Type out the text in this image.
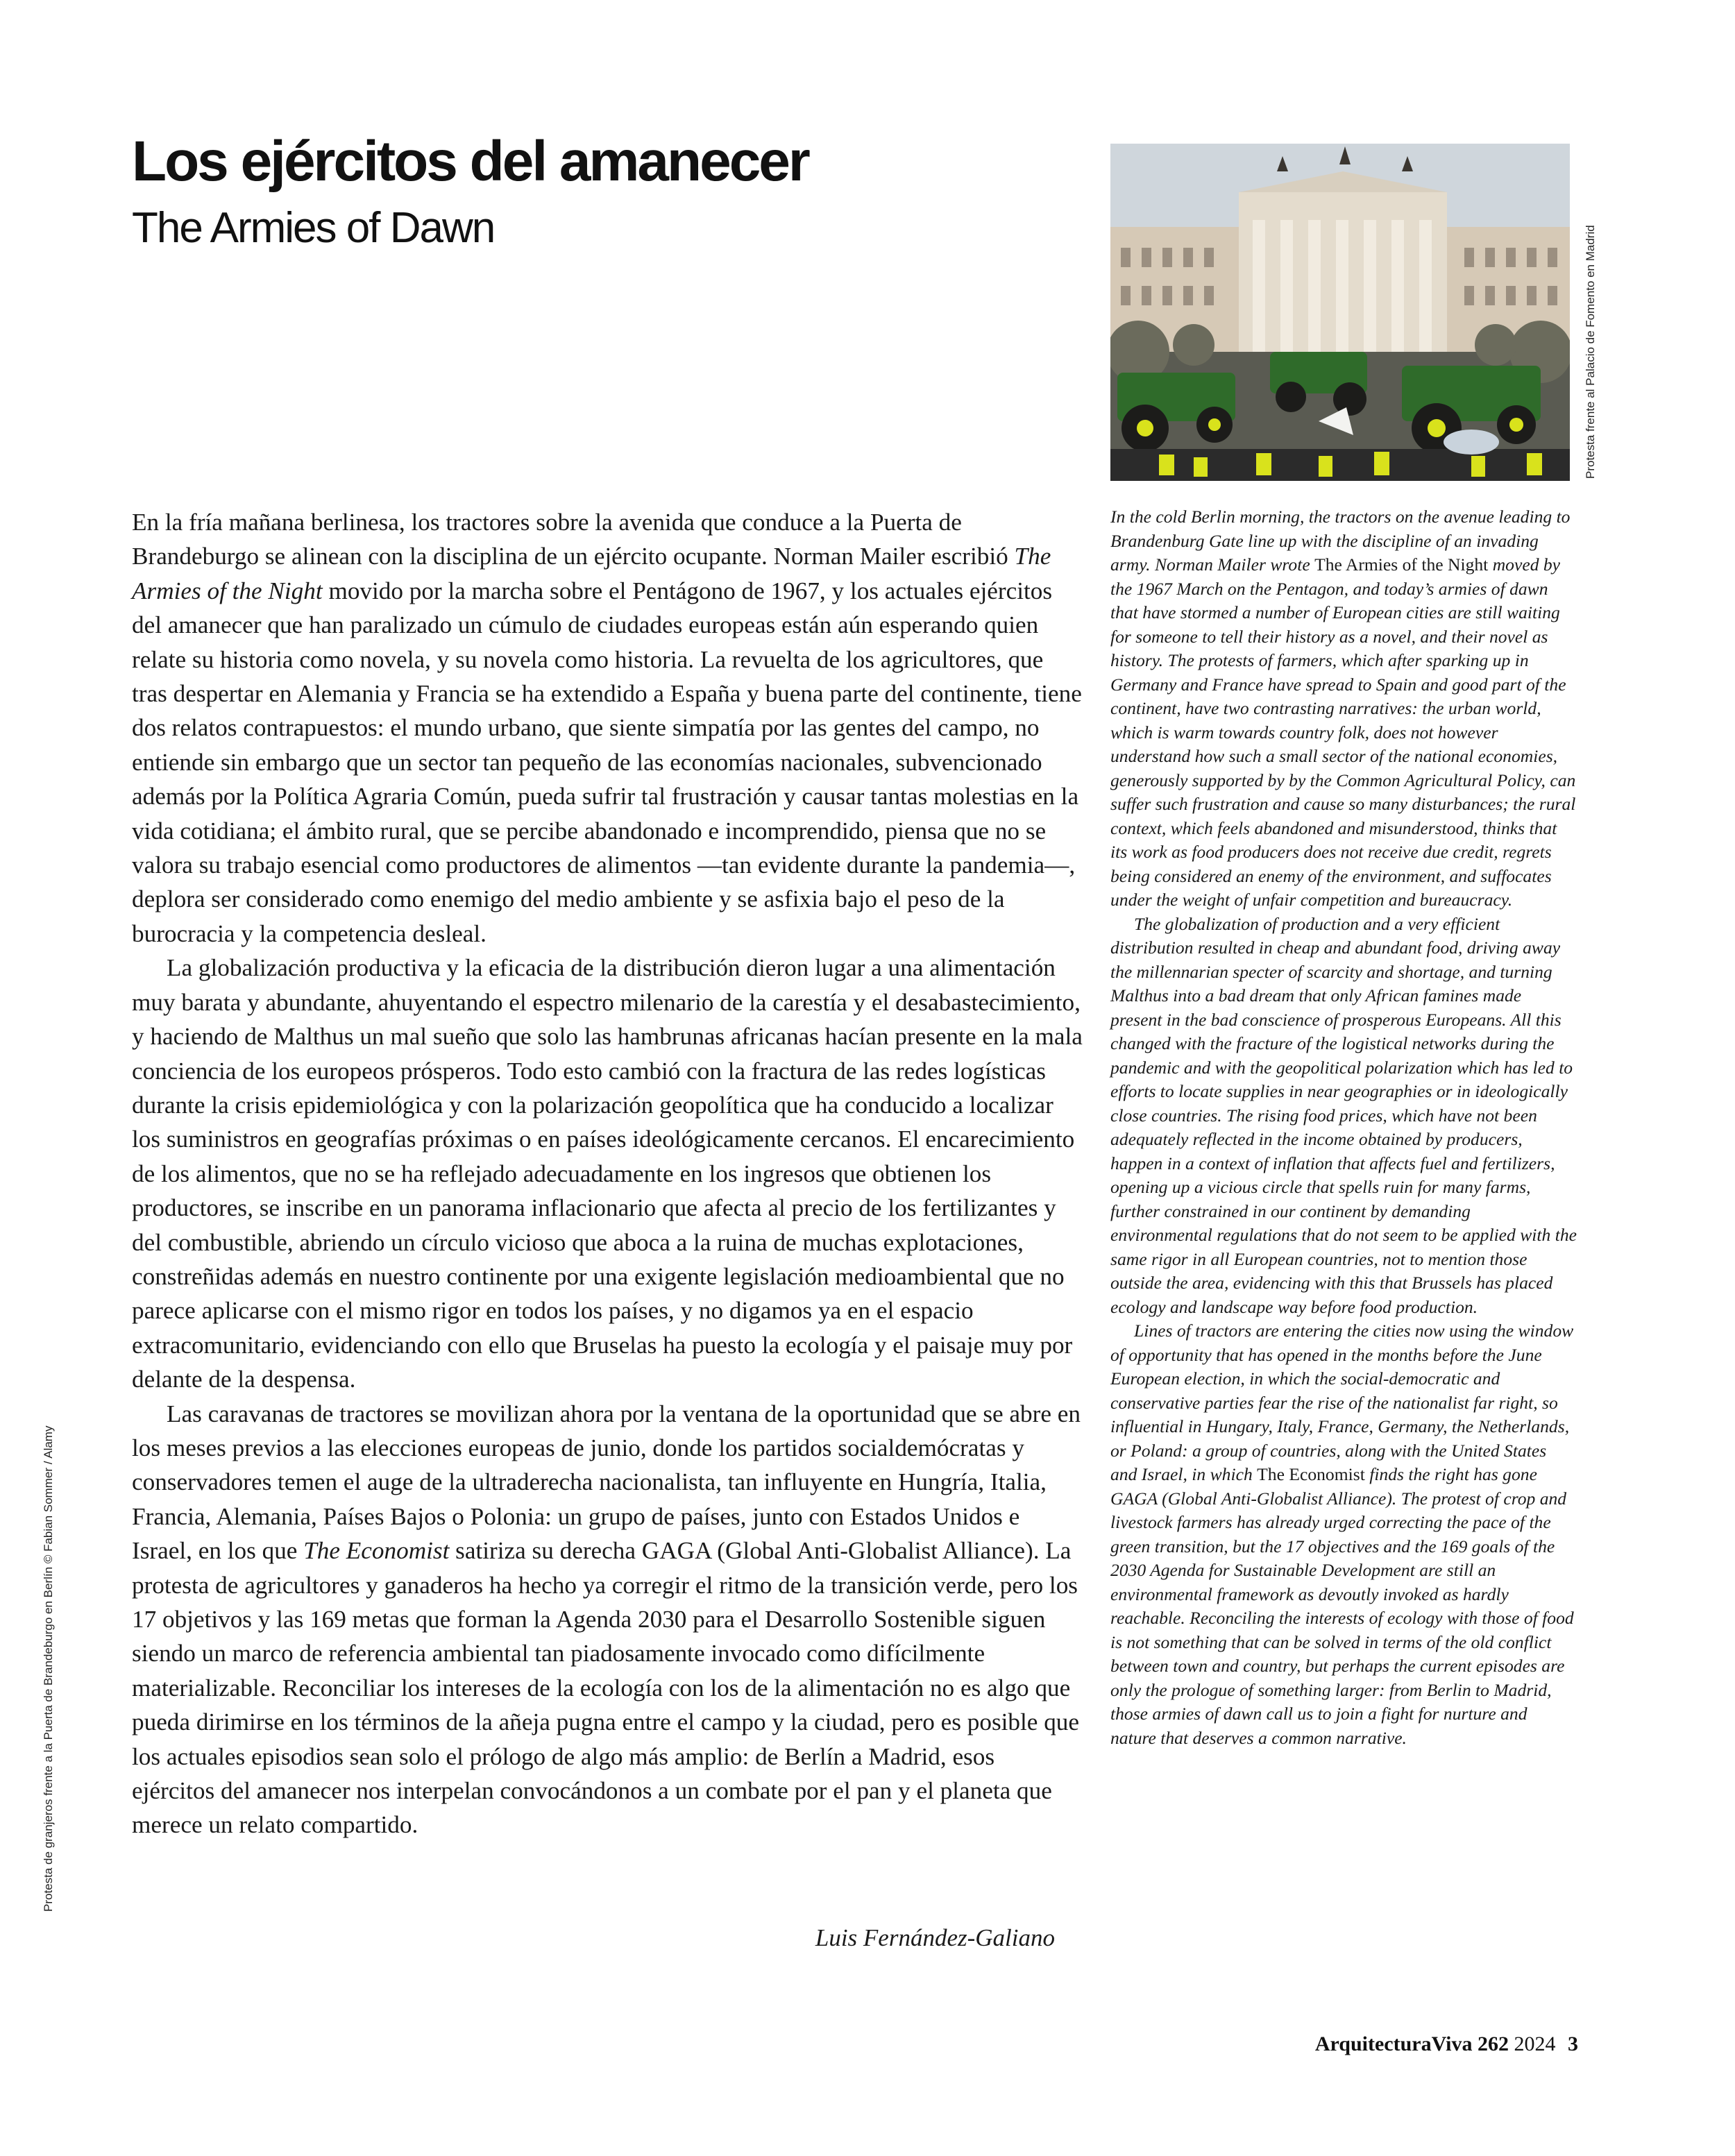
Los ejércitos del amanecer
The Armies of Dawn	Protesta frente al Palacio de Fomento en Madrid
Protesta de granjeros frente a la Puerta de Brandeburgo en Berlín © Fabian Sommer / Alamy

En la fría mañana berlinesa, los tractores sobre la avenida que conduce a la Puerta de Brandeburgo se alinean con la disciplina de un ejército ocupante. Norman Mailer escribió The Armies of the Night movido por la marcha sobre el Pentágono de 1967, y los actuales ejércitos del amanecer que han paralizado un cúmulo de ciudades europeas están aún esperando quien relate su historia como novela, y su novela como historia. La revuelta de los agricultores, que tras despertar en Alemania y Francia se ha extendido a España y buena parte del continente, tiene dos relatos contrapuestos: el mundo urbano, que siente simpatía por las gentes del campo, no entiende sin embargo que un sector tan pequeño de las economías nacionales, subvencionado además por la Política Agraria Común, pueda sufrir tal frustración y causar tantas molestias en la vida cotidiana; el ámbito rural, que se percibe abandonado e incomprendido, piensa que no se valora su trabajo esencial como productores de alimentos —tan evidente durante la pandemia—, deplora ser considerado como enemigo del medio ambiente y se asfixia bajo el peso de la burocracia y la competencia desleal.

La globalización productiva y la eficacia de la distribución dieron lugar a una alimentación muy barata y abundante, ahuyentando el espectro milenario de la carestía y el desabastecimiento, y haciendo de Malthus un mal sueño que solo las hambrunas africanas hacían presente en la mala conciencia de los europeos prósperos. Todo esto cambió con la fractura de las redes logísticas durante la crisis epidemiológica y con la polarización geopolítica que ha conducido a localizar los suministros en geografías próximas o en países ideológicamente cercanos. El encarecimiento de los alimentos, que no se ha reflejado adecuadamente en los ingresos que obtienen los productores, se inscribe en un panorama inflacionario que afecta al precio de los fertilizantes y del combustible, abriendo un círculo vicioso que aboca a la ruina de muchas explotaciones, constreñidas además en nuestro continente por una exigente legislación medioambiental que no parece aplicarse con el mismo rigor en todos los países, y no digamos ya en el espacio extracomunitario, evidenciando con ello que Bruselas ha puesto la ecología y el paisaje muy por delante de la despensa.

Las caravanas de tractores se movilizan ahora por la ventana de la oportunidad que se abre en los meses previos a las elecciones europeas de junio, donde los partidos socialdemócratas y conservadores temen el auge de la ultraderecha nacionalista, tan influyente en Hungría, Italia, Francia, Alemania, Países Bajos o Polonia: un grupo de países, junto con Estados Unidos e Israel, en los que The Economist satiriza su derecha GAGA (Global Anti-Globalist Alliance). La protesta de agricultores y ganaderos ha hecho ya corregir el ritmo de la transición verde, pero los 17 objetivos y las 169 metas que forman la Agenda 2030 para el Desarrollo Sostenible siguen siendo un marco de referencia ambiental tan piadosamente invocado como difícilmente materializable. Reconciliar los intereses de la ecología con los de la alimentación no es algo que pueda dirimirse en los términos de la añeja pugna entre el campo y la ciudad, pero es posible que los actuales episodios sean solo el prólogo de algo más amplio: de Berlín a Madrid, esos ejércitos del amanecer nos interpelan convocándonos a un combate por el pan y el planeta que merece un relato compartido.

Luis Fernández-Galiano

In the cold Berlin morning, the tractors on the avenue leading to Brandenburg Gate line up with the discipline of an invading army. Norman Mailer wrote The Armies of the Night moved by the 1967 March on the Pentagon, and today’s armies of dawn that have stormed a number of European cities are still waiting for someone to tell their history as a novel, and their novel as history. The protests of farmers, which after sparking up in Germany and France have spread to Spain and good part of the continent, have two contrasting narratives: the urban world, which is warm towards country folk, does not however understand how such a small sector of the national economies, generously supported by by the Common Agricultural Policy, can suffer such frustration and cause so many disturbances; the rural context, which feels abandoned and misunderstood, thinks that its work as food producers does not receive due credit, regrets being considered an enemy of the environment, and suffocates under the weight of unfair competition and bureaucracy.

The globalization of production and a very efficient distribution resulted in cheap and abundant food, driving away the millennarian specter of scarcity and shortage, and turning Malthus into a bad dream that only African famines made present in the bad conscience of prosperous Europeans. All this changed with the fracture of the logistical networks during the pandemic and with the geopolitical polarization which has led to efforts to locate supplies in near geographies or in ideologically close countries. The rising food prices, which have not been adequately reflected in the income obtained by producers, happen in a context of inflation that affects fuel and fertilizers, opening up a vicious circle that spells ruin for many farms, further constrained in our continent by demanding environmental regulations that do not seem to be applied with the same rigor in all European countries, not to mention those outside the area, evidencing with this that Brussels has placed ecology and landscape way before food production.

Lines of tractors are entering the cities now using the window of opportunity that has opened in the months before the June European election, in which the social-democratic and conservative parties fear the rise of the nationalist far right, so influential in Hungary, Italy, France, Germany, the Netherlands, or Poland: a group of countries, along with the United States and Israel, in which The Economist finds the right has gone GAGA (Global Anti-Globalist Alliance). The protest of crop and livestock farmers has already urged correcting the pace of the green transition, but the 17 objectives and the 169 goals of the 2030 Agenda for Sustainable Development are still an environmental framework as devoutly invoked as hardly reachable. Reconciling the interests of ecology with those of food is not something that can be solved in terms of the old conflict between town and country, but perhaps the current episodes are only the prologue of something larger: from Berlin to Madrid, those armies of dawn call us to join a fight for nurture and nature that deserves a common narrative.

ArquitecturaViva 262 2024 3
